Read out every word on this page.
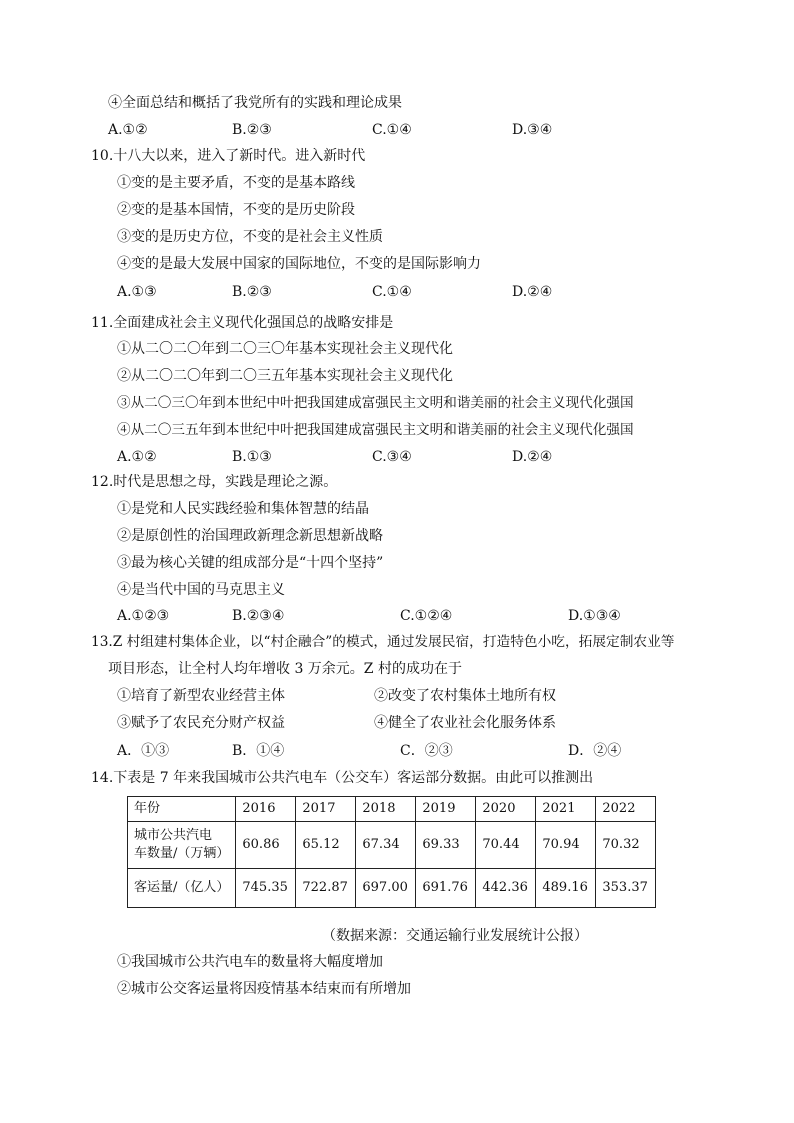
④全面总结和概括了我党所有的实践和理论成果
A.①②	B.②③	C.①④	D.③④
10.十八大以来，进入了新时代。进入新时代
①变的是主要矛盾，不变的是基本路线
②变的是基本国情，不变的是历史阶段
③变的是历史方位，不变的是社会主义性质
④变的是最大发展中国家的国际地位，不变的是国际影响力
A.①③	B.②③	C.①④	D.②④
11.全面建成社会主义现代化强国总的战略安排是
①从二〇二〇年到二〇三〇年基本实现社会主义现代化
②从二〇二〇年到二〇三五年基本实现社会主义现代化
③从二〇三〇年到本世纪中叶把我国建成富强民主文明和谐美丽的社会主义现代化强国
④从二〇三五年到本世纪中叶把我国建成富强民主文明和谐美丽的社会主义现代化强国
A.①②	B.①③	C.③④	D.②④
12.时代是思想之母，实践是理论之源。
①是党和人民实践经验和集体智慧的结晶
②是原创性的治国理政新理念新思想新战略
③最为核心关键的组成部分是“十四个坚持”
④是当代中国的马克思主义
A.①②③	B.②③④	C.①②④	D.①③④
13.Z 村组建村集体企业，以“村企融合”的模式，通过发展民宿，打造特色小吃，拓展定制农业等
项目形态，让全村人均年增收 3 万余元。Z 村的成功在于
①培育了新型农业经营主体	②改变了农村集体土地所有权
③赋予了农民充分财产权益	④健全了农业社会化服务体系
A．①③	B．①④	C．②③	D．②④
14.下表是 7 年来我国城市公共汽电车（公交车）客运部分数据。由此可以推测出
年份	2016	2017	2018	2019	2020	2021	2022

城市公共汽电
车数量/（万辆）	60.86	65.12	67.34	69.33	70.44	70.94	70.32
客运量/（亿人）	745.35	722.87	697.00	691.76	442.36	489.16	353.37
（数据来源：交通运输行业发展统计公报）
①我国城市公共汽电车的数量将大幅度增加
②城市公交客运量将因疫情基本结束而有所增加
